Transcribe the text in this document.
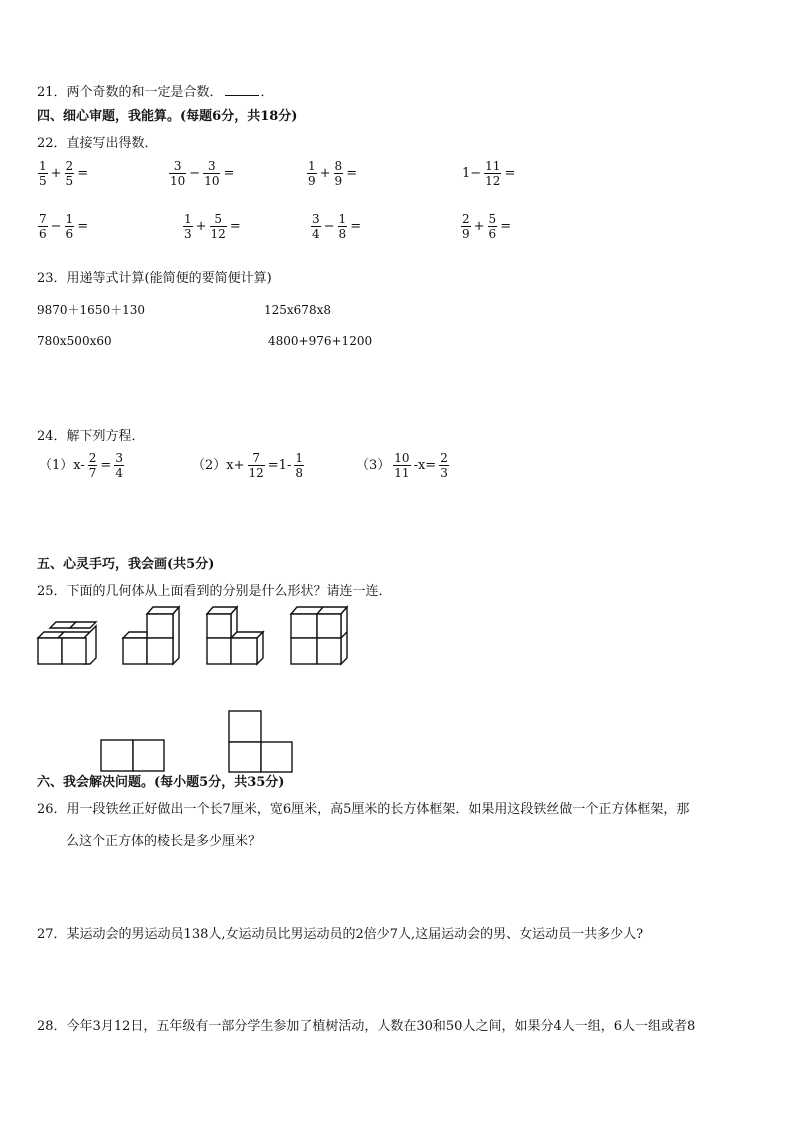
21．两个奇数的和一定是合数．	．
四、细心审题，我能算。(每题6分，共18分)
22．直接写出得数．
$\frac{1}{5} + \frac{2}{5}$ =	$\frac{3}{10} - \frac{3}{10}$ =	$\frac{1}{9} + \frac{8}{9}$ =	$1- \frac{11}{12}$ =
$\frac{7}{6} - \frac{1}{6}$ =	$\frac{1}{3} + \frac{5}{12}$ =	$\frac{3}{4} - \frac{1}{8}$ =	$\frac{2}{9} + \frac{5}{6}$ =
23．用递等式计算(能简便的要简便计算)
9870＋1650＋130	125x678x8
780x500x60	4800+976+1200
24．解下列方程．
$(1)x- \frac{2}{7} = \frac{3}{4}$	$(2)x+ \frac{7}{12} =1- \frac{1}{8}$	$(3) \frac{10}{11} -x= \frac{2}{3}$
五、心灵手巧，我会画(共5分)
25．下面的几何体从上面看到的分别是什么形状？请连一连．
六、我会解决问题。(每小题5分，共35分)
26．用一段铁丝正好做出一个长7厘米，宽6厘米，高5厘米的长方体框架．如果用这段铁丝做一个正方体框架，那
么这个正方体的棱长是多少厘米？
27．某运动会的男运动员138人,女运动员比男运动员的2倍少7人,这届运动会的男、女运动员一共多少人?
28．今年3月12日，五年级有一部分学生参加了植树活动，人数在30和50人之间，如果分4人一组，6人一组或者8
